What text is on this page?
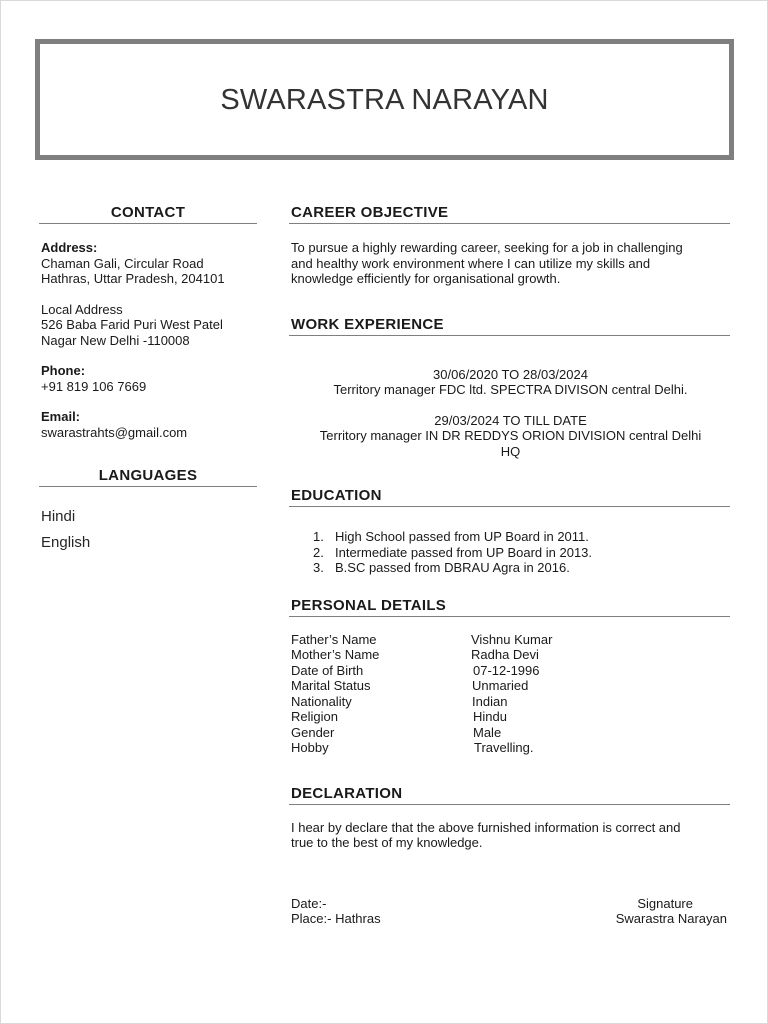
SWARASTRA NARAYAN
CONTACT
Address:
Chaman Gali, Circular Road
Hathras, Uttar Pradesh, 204101
Local Address
526 Baba Farid Puri West Patel
Nagar New Delhi -110008
Phone:
+91 819 106 7669
Email:
swarastrahts@gmail.com
LANGUAGES
Hindi
English
CAREER OBJECTIVE
To pursue a highly rewarding career, seeking for a job in challenging
and healthy work environment where I can utilize my skills and
knowledge efficiently for organisational growth.
WORK EXPERIENCE
30/06/2020 TO 28/03/2024
Territory manager FDC ltd. SPECTRA DIVISON central Delhi.
29/03/2024 TO TILL DATE
Territory manager IN DR REDDYS ORION DIVISION central Delhi
HQ
EDUCATION
1. High School passed from UP Board in 2011.
2. Intermediate passed from UP Board in 2013.
3. B.SC passed from DBRAU Agra in 2016.
PERSONAL DETAILS
Father’s Name	Vishnu Kumar
Mother’s Name	Radha Devi
Date of Birth	07-12-1996
Marital Status	Unmaried
Nationality	Indian
Religion	Hindu
Gender	Male
Hobby	Travelling.
DECLARATION
I hear by declare that the above furnished information is correct and
true to the best of my knowledge.
Date:-	Signature
Place:- Hathras	Swarastra Narayan
